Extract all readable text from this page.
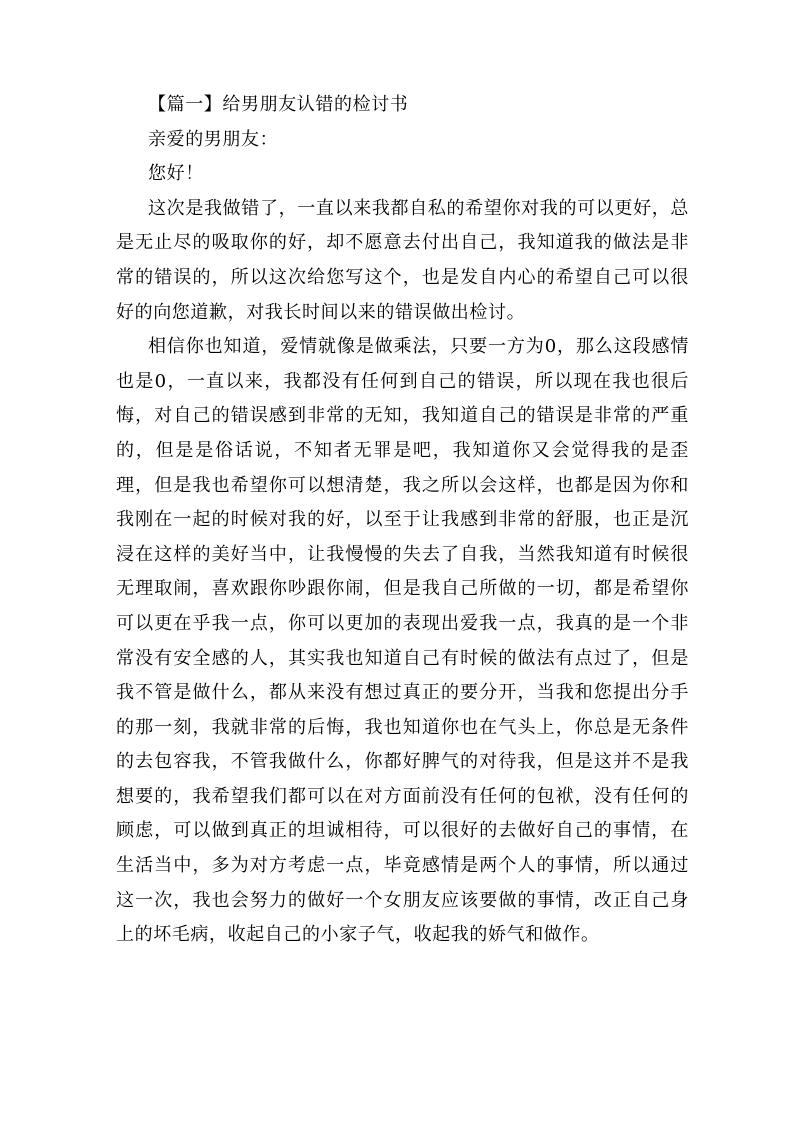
【篇一】给男朋友认错的检讨书

亲爱的男朋友：

您好！

这次是我做错了，一直以来我都自私的希望你对我的可以更好，总是无止尽的吸取你的好，却不愿意去付出自己，我知道我的做法是非常的错误的，所以这次给您写这个，也是发自内心的希望自己可以很好的向您道歉，对我长时间以来的错误做出检讨。

相信你也知道，爱情就像是做乘法，只要一方为0，那么这段感情也是0，一直以来，我都没有任何到自己的错误，所以现在我也很后悔，对自己的错误感到非常的无知，我知道自己的错误是非常的严重的，但是是俗话说，不知者无罪是吧，我知道你又会觉得我的是歪理，但是我也希望你可以想清楚，我之所以会这样，也都是因为你和我刚在一起的时候对我的好，以至于让我感到非常的舒服，也正是沉浸在这样的美好当中，让我慢慢的失去了自我，当然我知道有时候很无理取闹，喜欢跟你吵跟你闹，但是我自己所做的一切，都是希望你可以更在乎我一点，你可以更加的表现出爱我一点，我真的是一个非常没有安全感的人，其实我也知道自己有时候的做法有点过了，但是我不管是做什么，都从来没有想过真正的要分开，当我和您提出分手的那一刻，我就非常的后悔，我也知道你也在气头上，你总是无条件的去包容我，不管我做什么，你都好脾气的对待我，但是这并不是我想要的，我希望我们都可以在对方面前没有任何的包袱，没有任何的顾虑，可以做到真正的坦诚相待，可以很好的去做好自己的事情，在生活当中，多为对方考虑一点，毕竟感情是两个人的事情，所以通过这一次，我也会努力的做好一个女朋友应该要做的事情，改正自己身上的坏毛病，收起自己的小家子气，收起我的娇气和做作。
